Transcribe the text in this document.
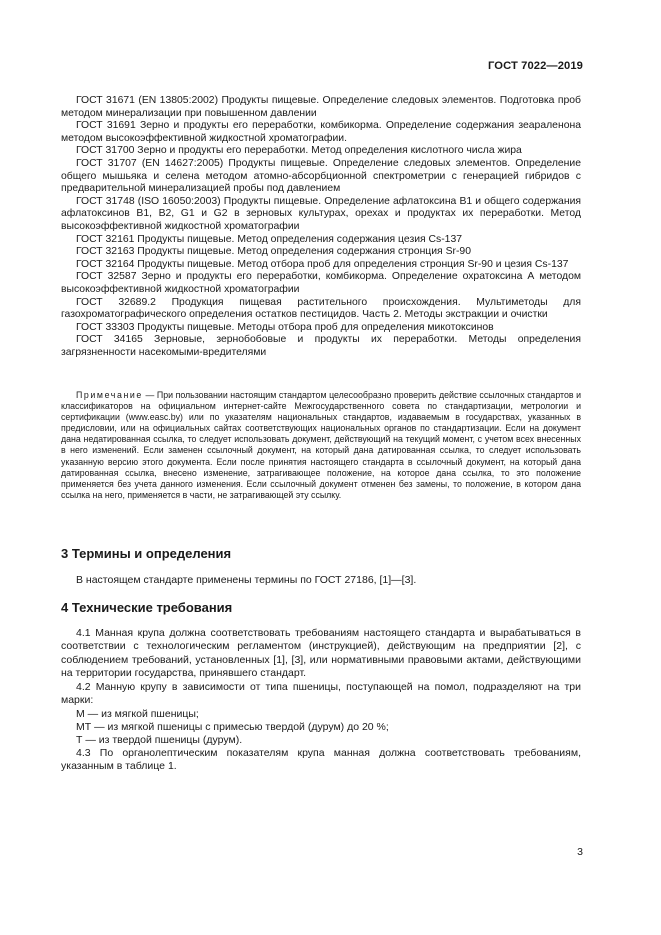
ГОСТ 7022—2019

ГОСТ 31671 (EN 13805:2002) Продукты пищевые. Определение следовых элементов. Подготовка проб методом минерализации при повышенном давлении

ГОСТ 31691 Зерно и продукты его переработки, комбикорма. Определение содержания зеараленона методом высокоэффективной жидкостной хроматографии.

ГОСТ 31700 Зерно и продукты его переработки. Метод определения кислотного числа жира

ГОСТ 31707 (EN 14627:2005) Продукты пищевые. Определение следовых элементов. Определение общего мышьяка и селена методом атомно-абсорбционной спектрометрии с генерацией гибридов с предварительной минерализацией пробы под давлением

ГОСТ 31748 (ISO 16050:2003) Продукты пищевые. Определение афлатоксина B1 и общего содержания афлатоксинов B1, B2, G1 и G2 в зерновых культурах, орехах и продуктах их переработки. Метод высокоэффективной жидкостной хроматографии

ГОСТ 32161 Продукты пищевые. Метод определения содержания цезия Cs-137

ГОСТ 32163 Продукты пищевые. Метод определения содержания стронция Sr-90

ГОСТ 32164 Продукты пищевые. Метод отбора проб для определения стронция Sr-90 и цезия Cs-137

ГОСТ 32587 Зерно и продукты его переработки, комбикорма. Определение охратоксина А методом высокоэффективной жидкостной хроматографии

ГОСТ 32689.2 Продукция пищевая растительного происхождения. Мультиметоды для газохроматографического определения остатков пестицидов. Часть 2. Методы экстракции и очистки

ГОСТ 33303 Продукты пищевые. Методы отбора проб для определения микотоксинов

ГОСТ 34165 Зерновые, зернобобовые и продукты их переработки. Методы определения загрязненности насекомыми-вредителями

Примечание — При пользовании настоящим стандартом целесообразно проверить действие ссылочных стандартов и классификаторов на официальном интернет-сайте Межгосударственного совета по стандартизации, метрологии и сертификации (www.easc.by) или по указателям национальных стандартов, издаваемым в государствах, указанных в предисловии, или на официальных сайтах соответствующих национальных органов по стандартизации. Если на документ дана недатированная ссылка, то следует использовать документ, действующий на текущий момент, с учетом всех внесенных в него изменений. Если заменен ссылочный документ, на который дана датированная ссылка, то следует использовать указанную версию этого документа. Если после принятия настоящего стандарта в ссылочный документ, на который дана датированная ссылка, внесено изменение, затрагивающее положение, на которое дана ссылка, то это положение применяется без учета данного изменения. Если ссылочный документ отменен без замены, то положение, в котором дана ссылка на него, применяется в части, не затрагивающей эту ссылку.

3 Термины и определения

В настоящем стандарте применены термины по ГОСТ 27186, [1]—[3].

4 Технические требования

4.1 Манная крупа должна соответствовать требованиям настоящего стандарта и вырабатываться в соответствии с технологическим регламентом (инструкцией), действующим на предприятии [2], с соблюдением требований, установленных [1], [3], или нормативными правовыми актами, действующими на территории государства, принявшего стандарт.

4.2 Манную крупу в зависимости от типа пшеницы, поступающей на помол, подразделяют на три марки:

М — из мягкой пшеницы;

МТ — из мягкой пшеницы с примесью твердой (дурум) до 20 %;

Т — из твердой пшеницы (дурум).

4.3 По органолептическим показателям крупа манная должна соответствовать требованиям, указанным в таблице 1.

3
